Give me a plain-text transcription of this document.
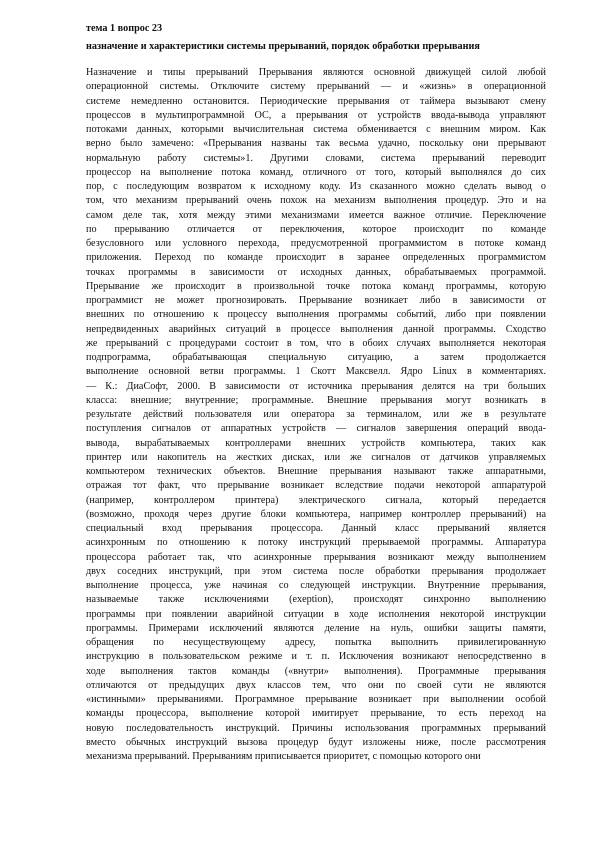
тема 1 вопрос 23
назначение и характеристики системы прерываний, порядок обработки прерывания
Назначение и типы прерываний Прерывания являются основной движущей силой любой
операционной системы. Отключите систему прерываний — и «жизнь» в операционной
системе немедленно остановится. Периодические прерывания от таймера вызывают смену
процессов в мультипрограммной ОС, а прерывания от устройств ввода-вывода управляют
потоками данных, которыми вычислительная система обменивается с внешним миром. Как
верно было замечено: «Прерывания названы так весьма удачно, поскольку они прерывают
нормальную работу системы»1. Другими словами, система прерываний переводит
процессор на выполнение потока команд, отличного от того, который выполнялся до сих
пор, с последующим возвратом к исходному коду. Из сказанного можно сделать вывод о
том, что механизм прерываний очень похож на механизм выполнения процедур. Это и на
самом деле так, хотя между этими механизмами имеется важное отличие. Переключение
по прерыванию отличается от переключения, которое происходит по команде
безусловного или условного перехода, предусмотренной программистом в потоке команд
приложения. Переход по команде происходит в заранее определенных программистом
точках программы в зависимости от исходных данных, обрабатываемых программой.
Прерывание же происходит в произвольной точке потока команд программы, которую
программист не может прогнозировать. Прерывание возникает либо в зависимости от
внешних по отношению к процессу выполнения программы событий, либо при появлении
непредвиденных аварийных ситуаций в процессе выполнения данной программы. Сходство
же прерываний с процедурами состоит в том, что в обоих случаях выполняется некоторая
подпрограмма, обрабатывающая специальную ситуацию, а затем продолжается
выполнение основной ветви программы. 1 Скотт Максвелл. Ядро Linux в комментариях.
— К.: ДиаСофт, 2000. В зависимости от источника прерывания делятся на три больших
класса: внешние; внутренние; программные. Внешние прерывания могут возникать в
результате действий пользователя или оператора за терминалом, или же в результате
поступления сигналов от аппаратных устройств — сигналов завершения операций ввода-
вывода, вырабатываемых контроллерами внешних устройств компьютера, таких как
принтер или накопитель на жестких дисках, или же сигналов от датчиков управляемых
компьютером технических объектов. Внешние прерывания называют также аппаратными,
отражая тот факт, что прерывание возникает вследствие подачи некоторой аппаратурой
(например, контроллером принтера) электрического сигнала, который передается
(возможно, проходя через другие блоки компьютера, например контроллер прерываний) на
специальный вход прерывания процессора. Данный класс прерываний является
асинхронным по отношению к потоку инструкций прерываемой программы. Аппаратура
процессора работает так, что асинхронные прерывания возникают между выполнением
двух соседних инструкций, при этом система после обработки прерывания продолжает
выполнение процесса, уже начиная со следующей инструкции. Внутренние прерывания,
называемые также исключениями (exeption), происходят синхронно выполнению
программы при появлении аварийной ситуации в ходе исполнения некоторой инструкции
программы. Примерами исключений являются деление на нуль, ошибки защиты памяти,
обращения по несуществующему адресу, попытка выполнить привилегированную
инструкцию в пользовательском режиме и т. п. Исключения возникают непосредственно в
ходе выполнения тактов команды («внутри» выполнения). Программные прерывания
отличаются от предыдущих двух классов тем, что они по своей сути не являются
«истинными» прерываниями. Программное прерывание возникает при выполнении особой
команды процессора, выполнение которой имитирует прерывание, то есть переход на
новую последовательность инструкций. Причины использования программных прерываний
вместо обычных инструкций вызова процедур будут изложены ниже, после рассмотрения
механизма прерываний. Прерываниям приписывается приоритет, с помощью которого они
